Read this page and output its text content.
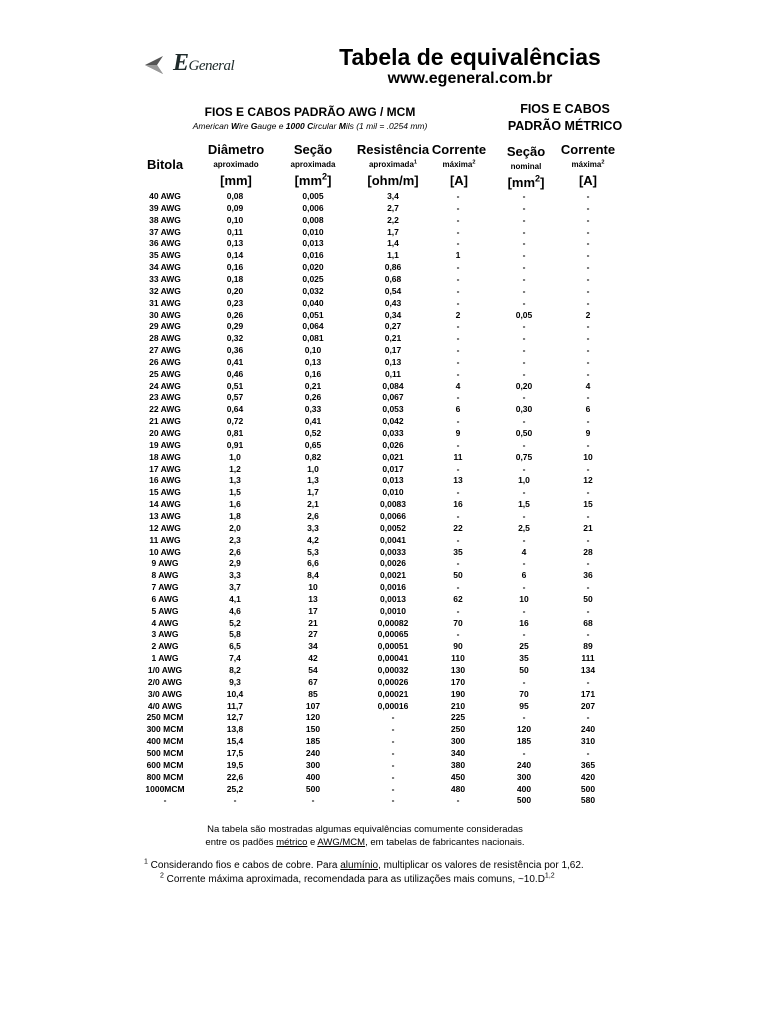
EGeneral	Tabela de equivalências
www.egeneral.com.br
FIOS E CABOS PADRÃO AWG / MCM
American Wire Gauge e 1000 Circular Mils (1 mil = .0254 mm)
FIOS E CABOS
PADRÃO MÉTRICO
Bitola
Diâmetro
aproximado
[mm]
Seção
aproximada
$[mm^2]$
Resistência
aproximada$^1$
[ohm/m]
Corrente
máxima$^2$
[A]
Seção
nominal
$[mm^2]$
Corrente
máxima$^2$
[A]
40 AWG	0,08	0,005	3,4	-	-	-
39 AWG	0,09	0,006	2,7	-	-	-
38 AWG	0,10	0,008	2,2	-	-	-
37 AWG	0,11	0,010	1,7	-	-	-
36 AWG	0,13	0,013	1,4	-	-	-
35 AWG	0,14	0,016	1,1	1	-	-
34 AWG	0,16	0,020	0,86	-	-	-
33 AWG	0,18	0,025	0,68	-	-	-
32 AWG	0,20	0,032	0,54	-	-	-
31 AWG	0,23	0,040	0,43	-	-	-
30 AWG	0,26	0,051	0,34	2	0,05	2
29 AWG	0,29	0,064	0,27	-	-	-
28 AWG	0,32	0,081	0,21	-	-	-
27 AWG	0,36	0,10	0,17	-	-	-
26 AWG	0,41	0,13	0,13	-	-	-
25 AWG	0,46	0,16	0,11	-	-	-
24 AWG	0,51	0,21	0,084	4	0,20	4
23 AWG	0,57	0,26	0,067	-	-	-
22 AWG	0,64	0,33	0,053	6	0,30	6
21 AWG	0,72	0,41	0,042	-	-	-
20 AWG	0,81	0,52	0,033	9	0,50	9
19 AWG	0,91	0,65	0,026	-	-	-
18 AWG	1,0	0,82	0,021	11	0,75	10
17 AWG	1,2	1,0	0,017	-	-	-
16 AWG	1,3	1,3	0,013	13	1,0	12
15 AWG	1,5	1,7	0,010	-	-	-
14 AWG	1,6	2,1	0,0083	16	1,5	15
13 AWG	1,8	2,6	0,0066	-	-	-
12 AWG	2,0	3,3	0,0052	22	2,5	21
11 AWG	2,3	4,2	0,0041	-	-	-
10 AWG	2,6	5,3	0,0033	35	4	28
9 AWG	2,9	6,6	0,0026	-	-	-
8 AWG	3,3	8,4	0,0021	50	6	36
7 AWG	3,7	10	0,0016	-	-	-
6 AWG	4,1	13	0,0013	62	10	50
5 AWG	4,6	17	0,0010	-	-	-
4 AWG	5,2	21	0,00082	70	16	68
3 AWG	5,8	27	0,00065	-	-	-
2 AWG	6,5	34	0,00051	90	25	89
1 AWG	7,4	42	0,00041	110	35	111
1/0 AWG	8,2	54	0,00032	130	50	134
2/0 AWG	9,3	67	0,00026	170	-	-
3/0 AWG	10,4	85	0,00021	190	70	171
4/0 AWG	11,7	107	0,00016	210	95	207
250 MCM	12,7	120	-	225	-	-
300 MCM	13,8	150	-	250	120	240
400 MCM	15,4	185	-	300	185	310
500 MCM	17,5	240	-	340	-	-
600 MCM	19,5	300	-	380	240	365
800 MCM	22,6	400	-	450	300	420
1000MCM	25,2	500	-	480	400	500
-	-	-	-	-	500	580
Na tabela são mostradas algumas equivalências comumente consideradas
entre os padões métrico e AWG/MCM, em tabelas de fabricantes nacionais.
$^1$ Considerando fios e cabos de cobre. Para alumínio, multiplicar os valores de resistência por 1,62.
$^2$ Corrente máxima aproximada, recomendada para as utilizações mais comuns, $\sim 10.D^{1,2}$
